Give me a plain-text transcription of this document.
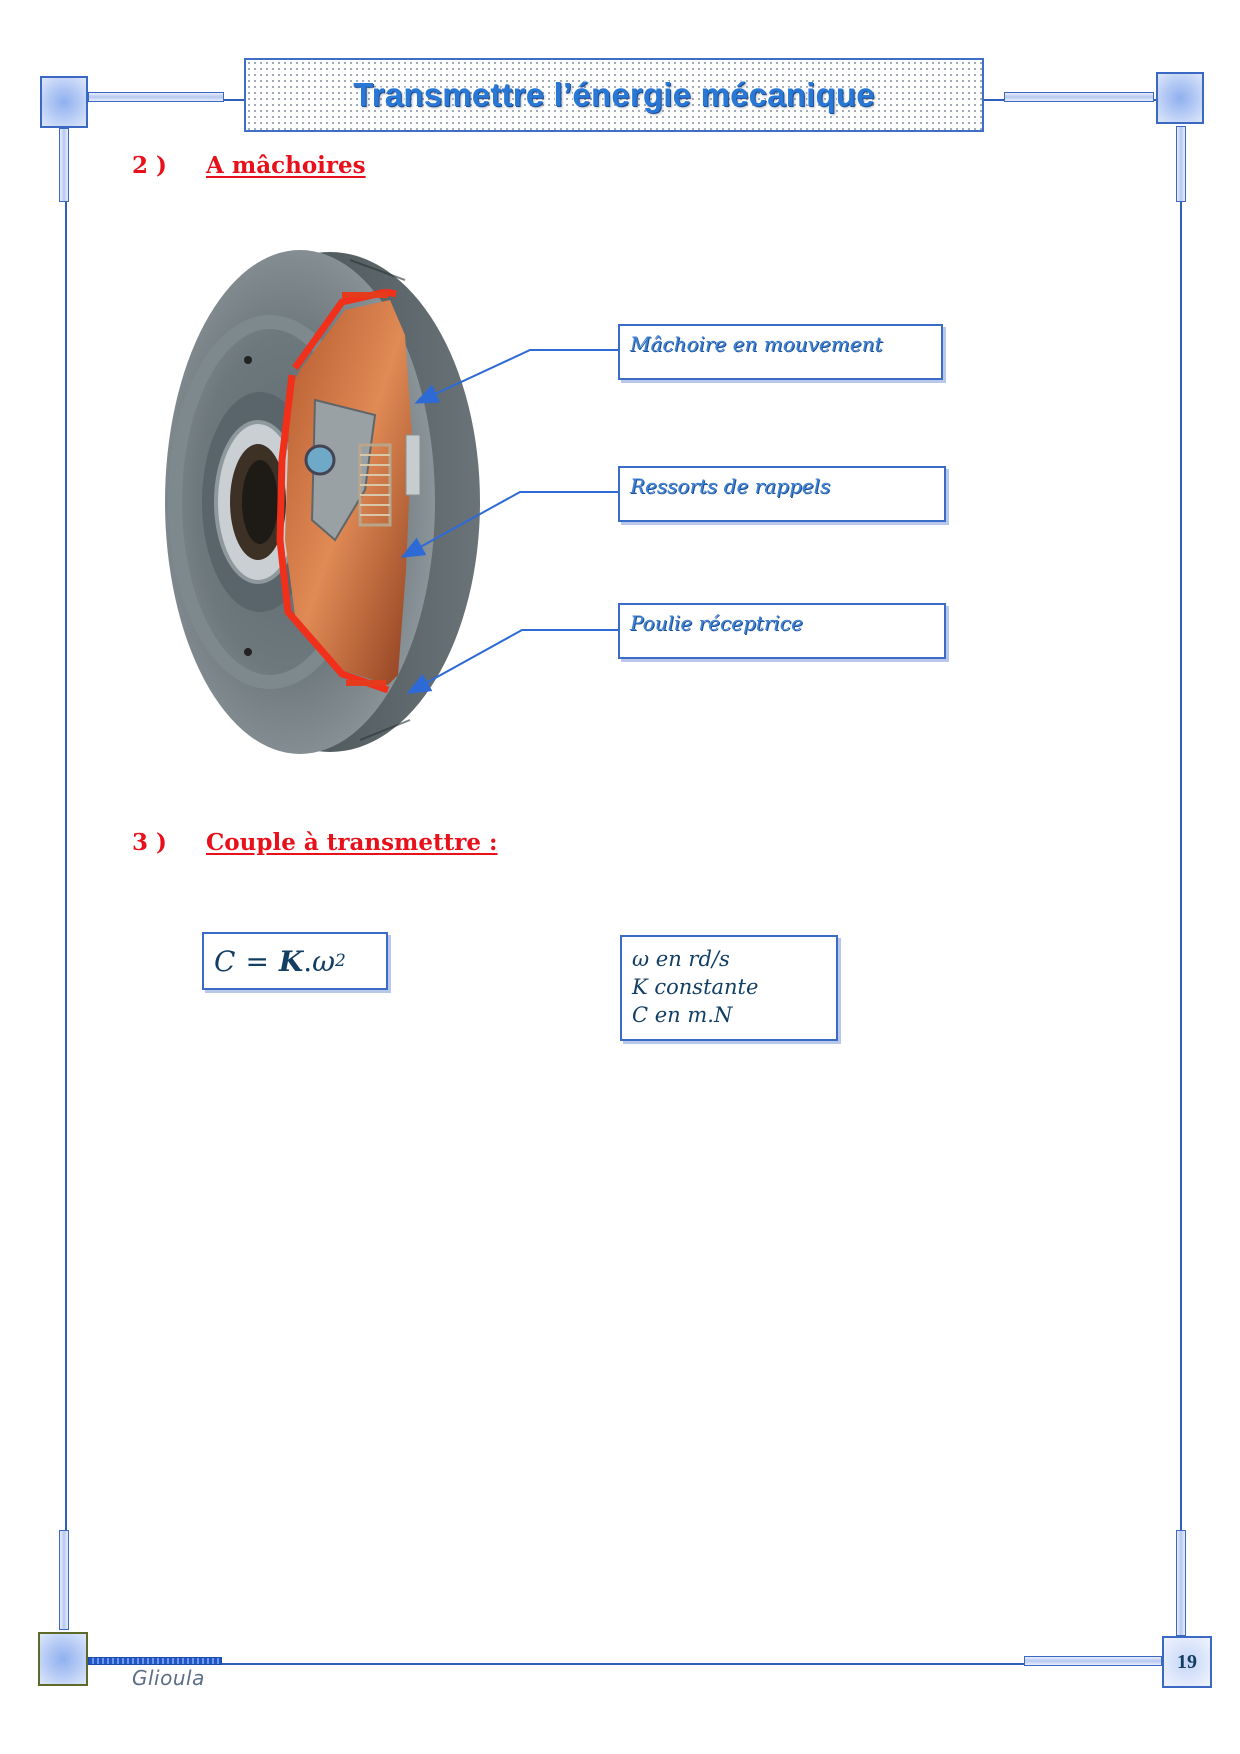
Transmettre l’énergie mécanique
2 ) A mâchoires
Mâchoire en mouvement
Ressorts de rappels
Poulie réceptrice
3 ) Couple à transmettre :
C = K . ω 2	ω en rd/s
K constante
C en m.N
Glioula
19
